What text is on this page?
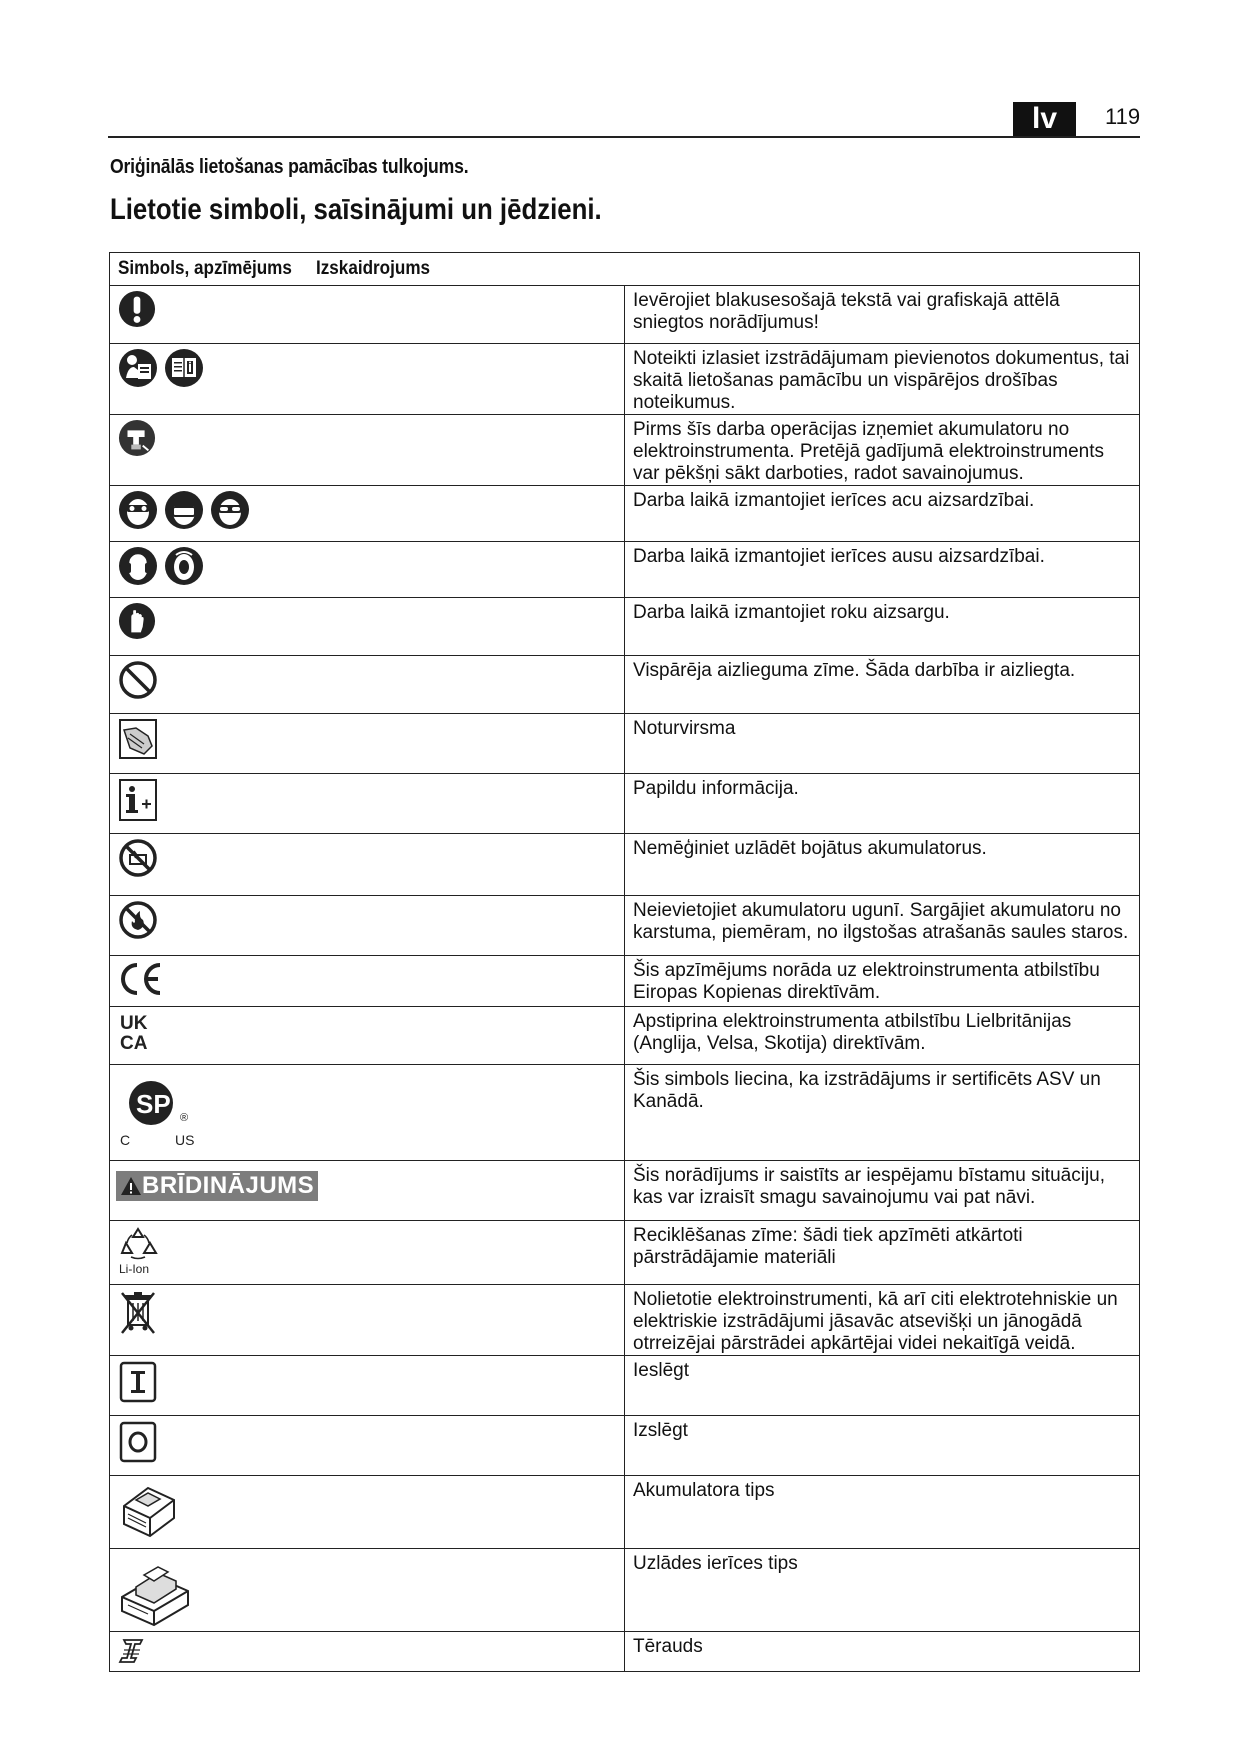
lv	119
Oriģinālās lietošanas pamācības tulkojums.
Lietotie simboli, saīsinājumi un jēdzieni.
Simbols, apzīmējums Izskaidrojums	

	Ievērojiet blakusesošajā tekstā vai grafiskajā attēlā sniegtos norādījumus!

	Noteikti izlasiet izstrādājumam pievienotos dokumentus, tai skaitā lietošanas pamācību un vispārējos drošības noteikumus.

	Pirms šīs darba operācijas izņemiet akumulatoru no elektroinstrumenta. Pretējā gadījumā elektroinstruments var pēkšņi sākt darboties, radot savainojumus.

	Darba laikā izmantojiet ierīces acu aizsardzībai.

	Darba laikā izmantojiet ierīces ausu aizsardzībai.

	Darba laikā izmantojiet roku aizsargu.

	Vispārēja aizlieguma zīme. Šāda darbība ir aizliegta.

	Noturvirsma

	Papildu informācija.

	Nemēģiniet uzlādēt bojātus akumulatorus.

	Neievietojiet akumulatoru ugunī. Sargājiet akumulatoru no karstuma, piemēram, no ilgstošas atrašanās saules staros.

	Šis apzīmējums norāda uz elektroinstrumenta atbilstību Eiropas Kopienas direktīvām.

UK
CA	Apstiprina elektroinstrumenta atbilstību Lielbritānijas (Anglija, Velsa, Skotija) direktīvām.

SP
C US
®	Šis simbols liecina, ka izstrādājums ir sertificēts ASV un Kanādā.

BRĪDINĀJUMS	Šis norādījums ir saistīts ar iespējamu bīstamu situāciju, kas var izraisīt smagu savainojumu vai pat nāvi.

Li-Ion	Reciklēšanas zīme: šādi tiek apzīmēti atkārtoti pārstrādājamie materiāli

	Nolietotie elektroinstrumenti, kā arī citi elektrotehniskie un elektriskie izstrādājumi jāsavāc atsevišķi un jānogādā otrreizējai pārstrādei apkārtējai videi nekaitīgā veidā.

	Ieslēgt

	Izslēgt

	Akumulatora tips

	Uzlādes ierīces tips

	Tērauds
